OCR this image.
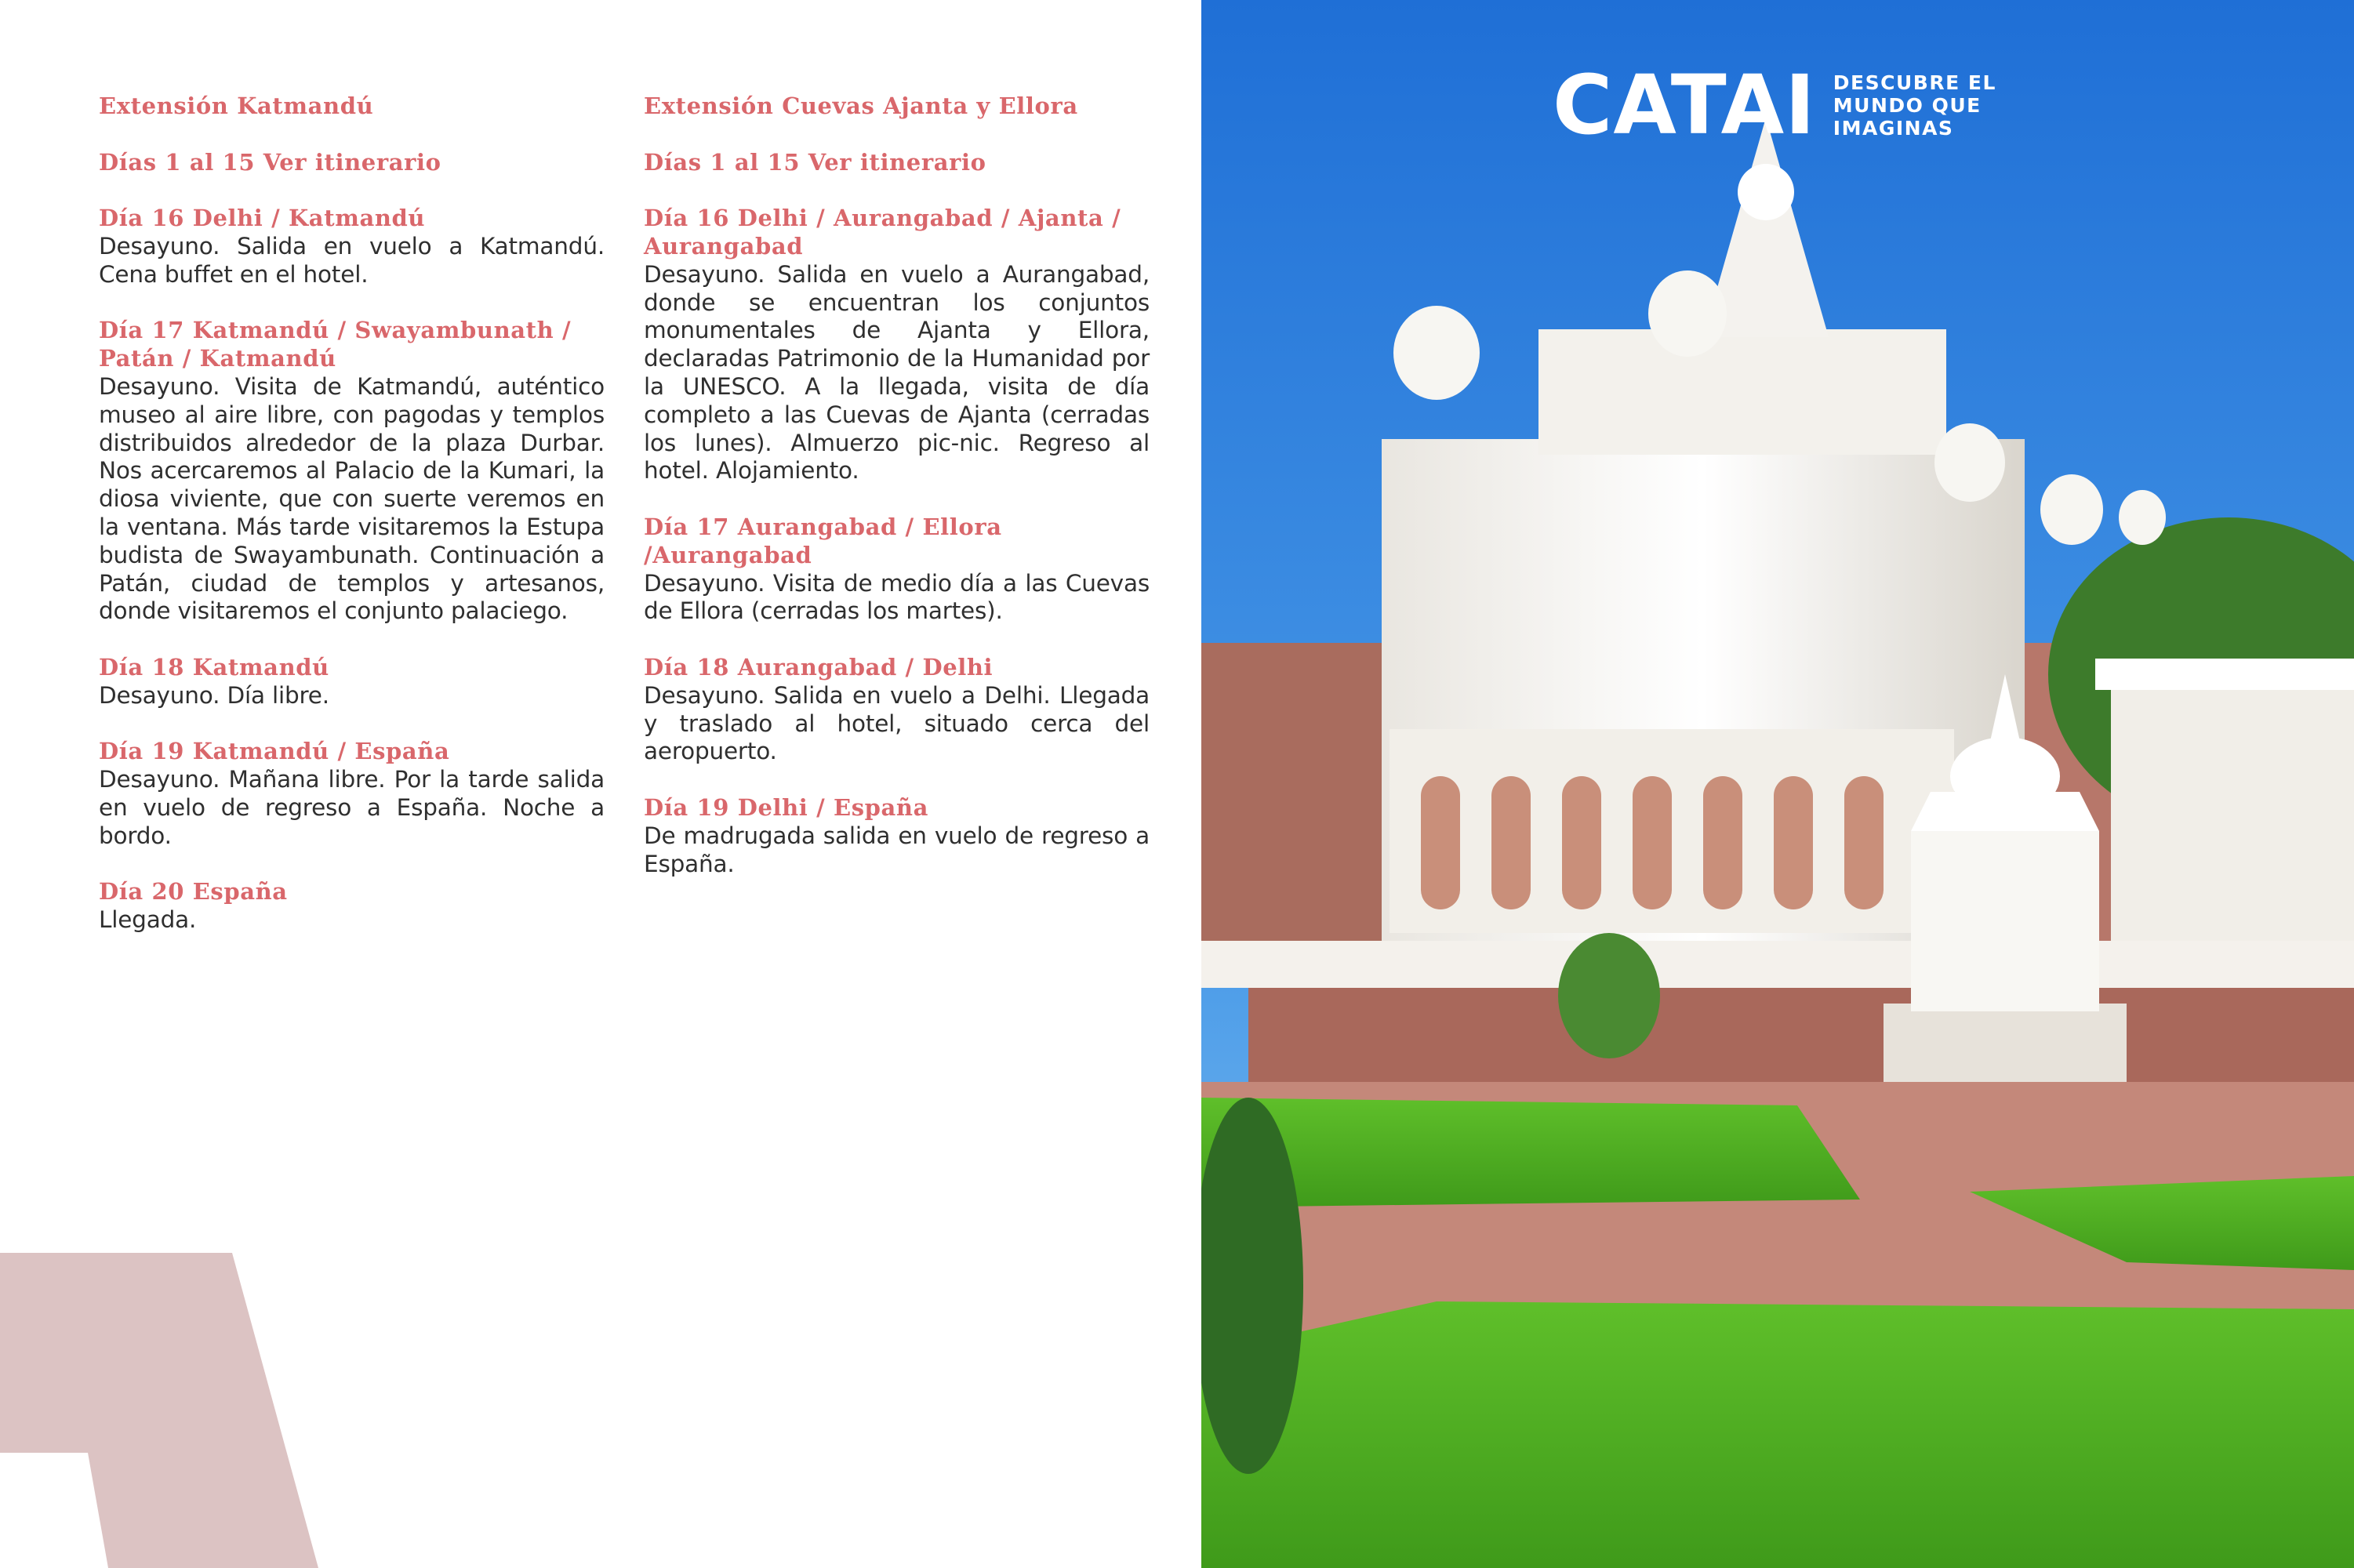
Extensión Katmandú

Días 1 al 15 Ver itinerario

Día 16 Delhi / Katmandú

Desayuno. Salida en vuelo a Katmandú. Cena buffet en el hotel.

Día 17 Katmandú / Swayambunath / Patán / Katmandú

Desayuno. Visita de Katmandú, auténtico museo al aire libre, con pagodas y templos distribuidos alrededor de la plaza Durbar. Nos acercaremos al Palacio de la Kumari, la diosa viviente, que con suerte veremos en la ventana. Más tarde visitaremos la Estupa budista de Swayambunath. Continuación a Patán, ciudad de templos y artesanos, donde visitaremos el conjunto palaciego.

Día 18 Katmandú

Desayuno. Día libre.

Día 19 Katmandú / España

Desayuno. Mañana libre. Por la tarde salida en vuelo de regreso a España. Noche a bordo.

Día 20 España

Llegada.

Extensión Cuevas Ajanta y Ellora

Días 1 al 15 Ver itinerario

Día 16 Delhi / Aurangabad / Ajanta / Aurangabad

Desayuno. Salida en vuelo a Aurangabad, donde se encuentran los conjuntos monumentales de Ajanta y Ellora, declaradas Patrimonio de la Humanidad por la UNESCO. A la llegada, visita de día completo a las Cuevas de Ajanta (cerradas los lunes). Almuerzo pic-nic. Regreso al hotel. Alojamiento.

Día 17 Aurangabad / Ellora /Aurangabad

Desayuno. Visita de medio día a las Cuevas de Ellora (cerradas los martes).

Día 18 Aurangabad / Delhi

Desayuno. Salida en vuelo a Delhi. Llegada y traslado al hotel, situado cerca del aeropuerto.

Día 19 Delhi / España

De madrugada salida en vuelo de regreso a España.

CATAI DESCUBRE EL MUNDO QUE IMAGINAS
